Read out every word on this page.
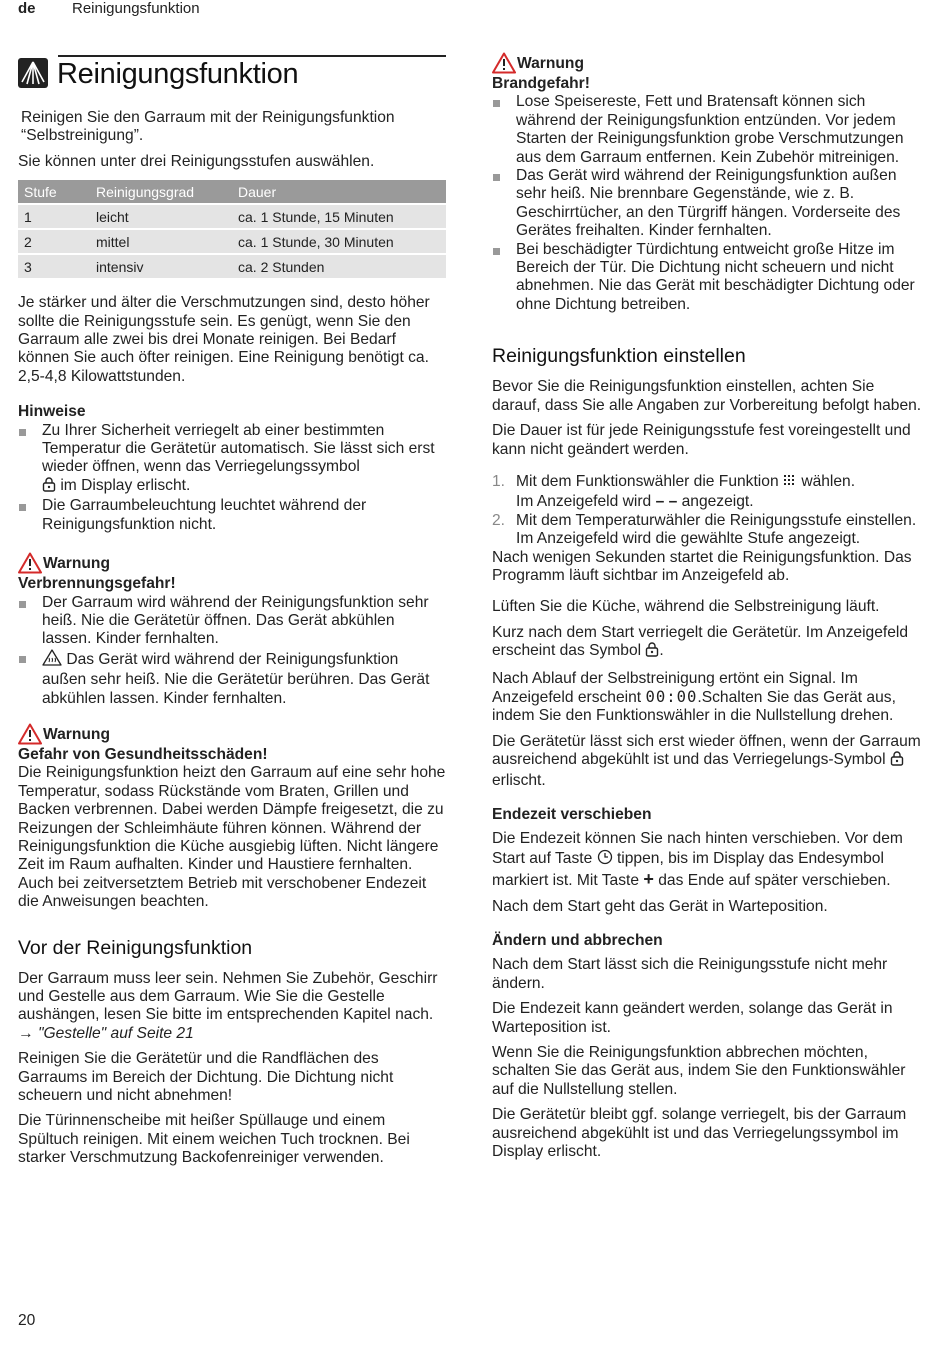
de Reinigungsfunktion
Reinigungsfunktion

Reinigen Sie den Garraum mit der Reinigungsfunktion “Selbstreinigung”.

Sie können unter drei Reinigungsstufen auswählen.

Stufe	Reinigungsgrad	Dauer
1	leicht	ca. 1 Stunde, 15 Minuten
2	mittel	ca. 1 Stunde, 30 Minuten
3	intensiv	ca. 2 Stunden

Je stärker und älter die Verschmutzungen sind, desto höher sollte die Reinigungsstufe sein. Es genügt, wenn Sie den Garraum alle zwei bis drei Monate reinigen. Bei Bedarf können Sie auch öfter reinigen. Eine Reinigung benötigt ca. 2,5-4,8 Kilowattstunden.

Hinweise
Zu Ihrer Sicherheit verriegelt ab einer bestimmten Temperatur die Gerätetür automatisch. Sie lässt sich erst wieder öffnen, wenn das Verriegelungssymbol
im Display erlischt.
Die Garraumbeleuchtung leuchtet während der Reinigungsfunktion nicht.
Warnung
Verbrennungsgefahr!
Der Garraum wird während der Reinigungsfunktion sehr heiß. Nie die Gerätetür öffnen. Das Gerät abkühlen lassen. Kinder fernhalten.
Das Gerät wird während der Reinigungsfunktion außen sehr heiß. Nie die Gerätetür berühren. Das Gerät abkühlen lassen. Kinder fernhalten.
Warnung
Gefahr von Gesundheitsschäden!

Die Reinigungsfunktion heizt den Garraum auf eine sehr hohe Temperatur, sodass Rückstände vom Braten, Grillen und Backen verbrennen. Dabei werden Dämpfe freigesetzt, die zu Reizungen der Schleimhäute führen können. Während der Reinigungsfunktion die Küche ausgiebig lüften. Nicht längere Zeit im Raum aufhalten. Kinder und Haustiere fernhalten. Auch bei zeitversetztem Betrieb mit verschobener Endezeit die Anweisungen beachten.

Vor der Reinigungsfunktion

Der Garraum muss leer sein. Nehmen Sie Zubehör, Geschirr und Gestelle aus dem Garraum. Wie Sie die Gestelle aushängen, lesen Sie bitte im entsprechenden Kapitel nach. → "Gestelle" auf Seite 21

Reinigen Sie die Gerätetür und die Randflächen des Garraums im Bereich der Dichtung. Die Dichtung nicht scheuern und nicht abnehmen!

Die Türinnenscheibe mit heißer Spüllauge und einem Spültuch reinigen. Mit einem weichen Tuch trocknen. Bei starker Verschmutzung Backofenreiniger verwenden.

Warnung
Brandgefahr!
Lose Speisereste, Fett und Bratensaft können sich während der Reinigungsfunktion entzünden. Vor jedem Starten der Reinigungsfunktion grobe Verschmutzungen aus dem Garraum entfernen. Kein Zubehör mitreinigen.
Das Gerät wird während der Reinigungsfunktion außen sehr heiß. Nie brennbare Gegenstände, wie z. B. Geschirrtücher, an den Türgriff hängen. Vorderseite des Gerätes freihalten. Kinder fernhalten.
Bei beschädigter Türdichtung entweicht große Hitze im Bereich der Tür. Die Dichtung nicht scheuern und nicht abnehmen. Nie das Gerät mit beschädigter Dichtung oder ohne Dichtung betreiben.
Reinigungsfunktion einstellen

Bevor Sie die Reinigungsfunktion einstellen, achten Sie darauf, dass Sie alle Angaben zur Vorbereitung befolgt haben.

Die Dauer ist für jede Reinigungsstufe fest voreingestellt und kann nicht geändert werden.

1. Mit dem Funktionswähler die Funktion wählen.
Im Anzeigefeld wird – – angezeigt.
2. Mit dem Temperaturwähler die Reinigungsstufe einstellen.
Im Anzeigefeld wird die gewählte Stufe angezeigt.

Nach wenigen Sekunden startet die Reinigungsfunktion. Das Programm läuft sichtbar im Anzeigefeld ab.

Lüften Sie die Küche, während die Selbstreinigung läuft.

Kurz nach dem Start verriegelt die Gerätetür. Im Anzeigefeld erscheint das Symbol .

Nach Ablauf der Selbstreinigung ertönt ein Signal. Im Anzeigefeld erscheint 00:00.Schalten Sie das Gerät aus, indem Sie den Funktionswähler in die Nullstellung drehen.

Die Gerätetür lässt sich erst wieder öffnen, wenn der Garraum ausreichend abgekühlt ist und das Verriegelungs-Symbol  erlischt.

Endezeit verschieben

Die Endezeit können Sie nach hinten verschieben. Vor dem Start auf Taste tippen, bis im Display das Endesymbol markiert ist. Mit Taste + das Ende auf später verschieben.

Nach dem Start geht das Gerät in Warteposition.

Ändern und abbrechen

Nach dem Start lässt sich die Reinigungsstufe nicht mehr ändern.

Die Endezeit kann geändert werden, solange das Gerät in Warteposition ist.

Wenn Sie die Reinigungsfunktion abbrechen möchten, schalten Sie das Gerät aus, indem Sie den Funktionswähler auf die Nullstellung stellen.

Die Gerätetür bleibt ggf. solange verriegelt, bis der Garraum ausreichend abgekühlt ist und das Verriegelungssymbol im Display erlischt.

20
